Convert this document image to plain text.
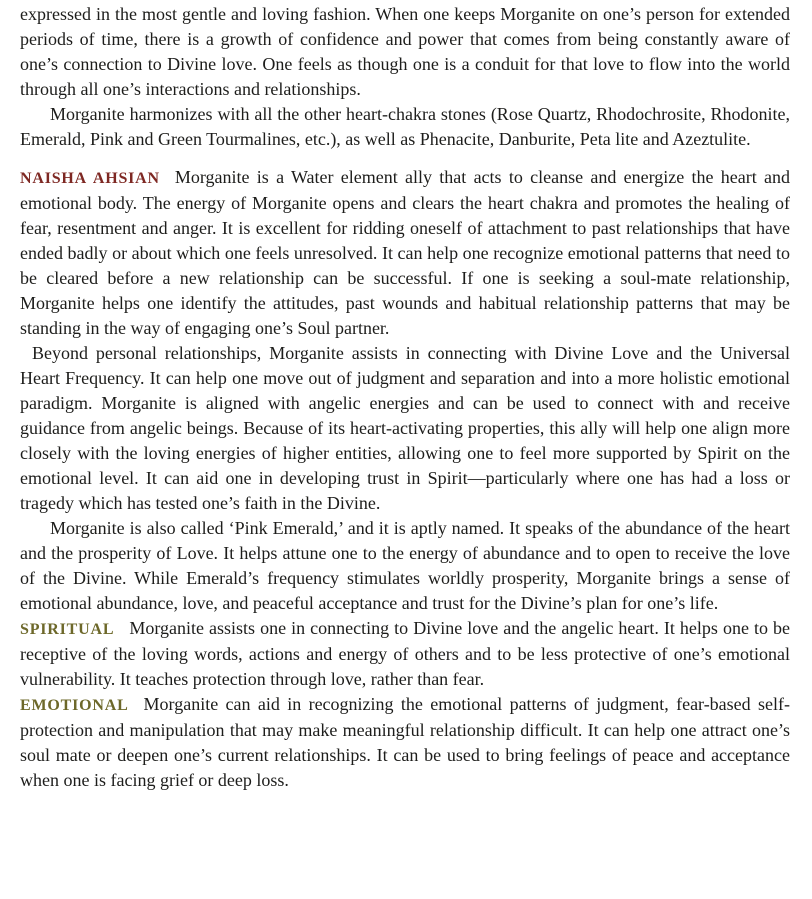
expressed in the most gentle and loving fashion. When one keeps Morganite on one’s person for extended periods of time, there is a growth of confidence and power that comes from being constantly aware of one’s connection to Divine love. One feels as though one is a conduit for that love to flow into the world through all one’s interactions and relationships.

Morganite harmonizes with all the other heart-chakra stones (Rose Quartz, Rhodochrosite, Rhodonite, Emerald, Pink and Green Tourmalines, etc.), as well as Phenacite, Danburite, Peta lite and Azeztulite.

NAISHA AHSIAN Morganite is a Water element ally that acts to cleanse and energize the heart and emotional body. The energy of Morganite opens and clears the heart chakra and promotes the healing of fear, resentment and anger. It is excellent for ridding oneself of attachment to past relationships that have ended badly or about which one feels unresolved. It can help one recognize emotional patterns that need to be cleared before a new relationship can be successful. If one is seeking a soul-mate relationship, Morganite helps one identify the attitudes, past wounds and habitual relationship patterns that may be standing in the way of engaging one’s Soul partner.

Beyond personal relationships, Morganite assists in connecting with Divine Love and the Universal Heart Frequency. It can help one move out of judgment and separation and into a more holistic emotional paradigm. Morganite is aligned with angelic energies and can be used to connect with and receive guidance from angelic beings. Because of its heart-activating properties, this ally will help one align more closely with the loving energies of higher entities, allowing one to feel more supported by Spirit on the emotional level. It can aid one in developing trust in Spirit—particularly where one has had a loss or tragedy which has tested one’s faith in the Divine.

Morganite is also called ‘Pink Emerald,’ and it is aptly named. It speaks of the abundance of the heart and the prosperity of Love. It helps attune one to the energy of abundance and to open to receive the love of the Divine. While Emerald’s frequency stimulates worldly prosperity, Morganite brings a sense of emotional abundance, love, and peaceful acceptance and trust for the Divine’s plan for one’s life.

SPIRITUAL Morganite assists one in connecting to Divine love and the angelic heart. It helps one to be receptive of the loving words, actions and energy of others and to be less protective of one’s emotional vulnerability. It teaches protection through love, rather than fear.

EMOTIONAL Morganite can aid in recognizing the emotional patterns of judgment, fear-based self-protection and manipulation that may make meaningful relationship difficult. It can help one attract one’s soul mate or deepen one’s current relationships. It can be used to bring feelings of peace and acceptance when one is facing grief or deep loss.
